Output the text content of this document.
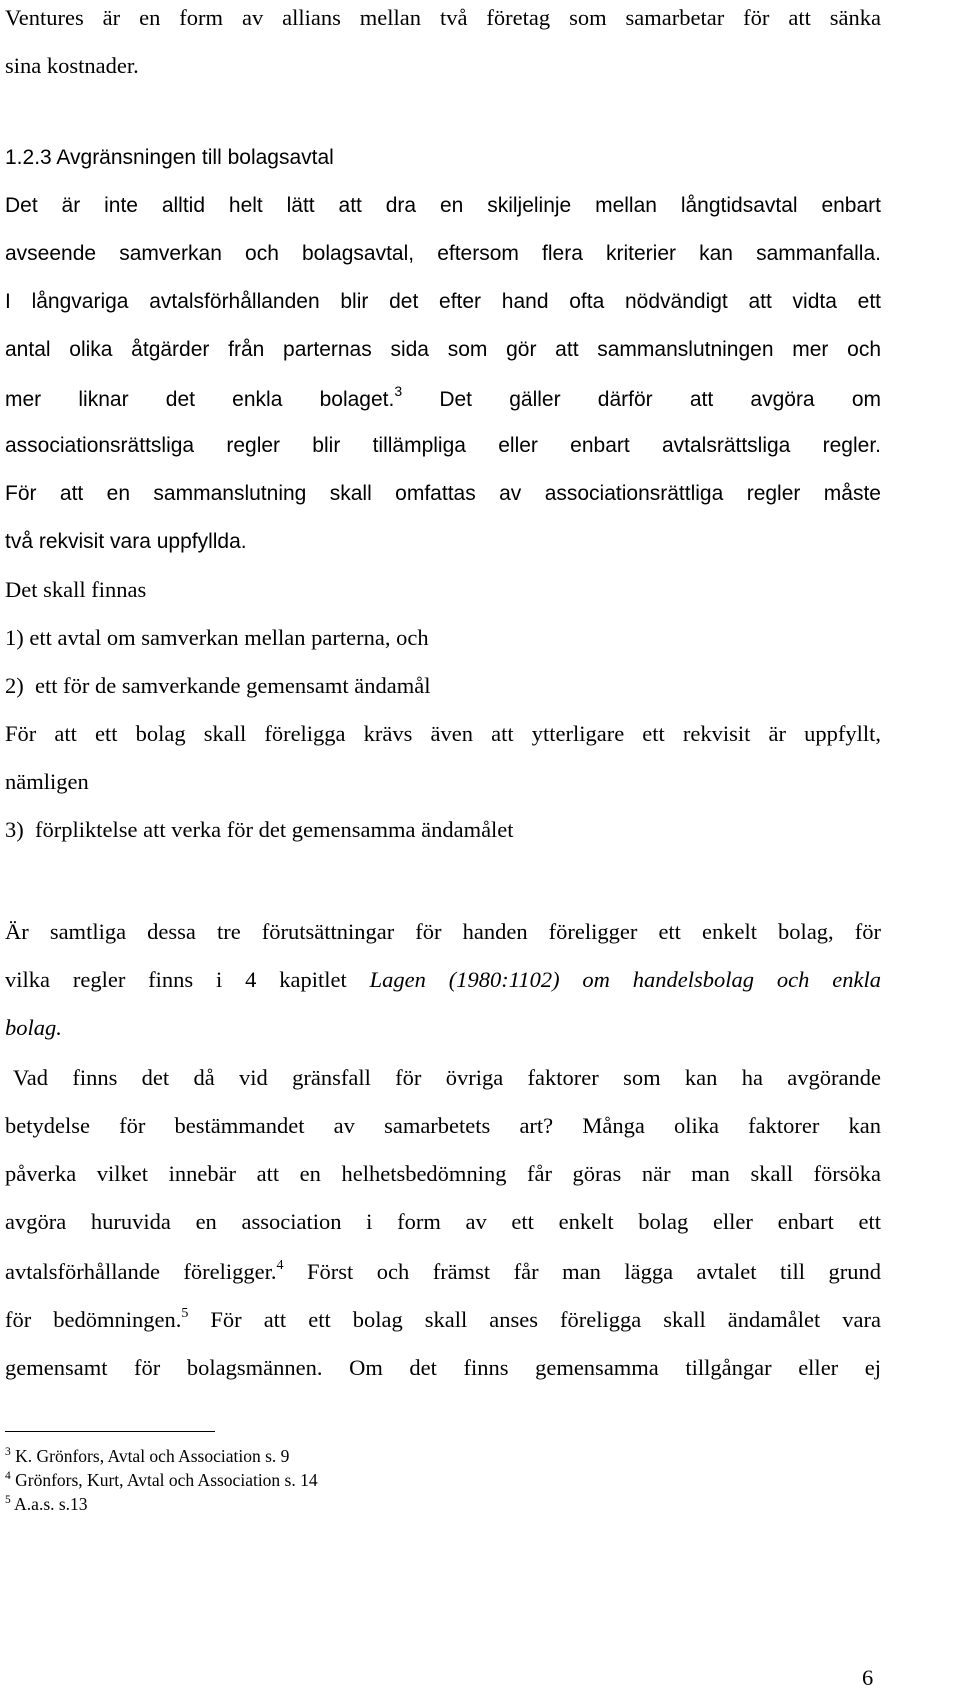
Ventures är en form av allians mellan två företag som samarbetar för att sänka
sina kostnader.
1.2.3 Avgränsningen till bolagsavtal
Det är inte alltid helt lätt att dra en skiljelinje mellan långtidsavtal enbart
avseende samverkan och bolagsavtal, eftersom flera kriterier kan sammanfalla.
I långvariga avtalsförhållanden blir det efter hand ofta nödvändigt att vidta ett
antal olika åtgärder från parternas sida som gör att sammanslutningen mer och
mer liknar det enkla bolaget.$^3$ Det gäller därför att avgöra om
associationsrättsliga regler blir tillämpliga eller enbart avtalsrättsliga regler.
För att en sammanslutning skall omfattas av associationsrättliga regler måste
två rekvisit vara uppfyllda.
Det skall finnas
1) ett avtal om samverkan mellan parterna, och
2)  ett för de samverkande gemensamt ändamål
För att ett bolag skall föreligga krävs även att ytterligare ett rekvisit är uppfyllt,
nämligen
3)  förpliktelse att verka för det gemensamma ändamålet
Är samtliga dessa tre förutsättningar för handen föreligger ett enkelt bolag, för
vilka regler finns i 4 kapitlet Lagen (1980:1102) om handelsbolag och enkla
bolag.
Vad finns det då vid gränsfall för övriga faktorer som kan ha avgörande
betydelse för bestämmandet av samarbetets art? Många olika faktorer kan
påverka vilket innebär att en helhetsbedömning får göras när man skall försöka
avgöra huruvida en association i form av ett enkelt bolag eller enbart ett
avtalsförhållande föreligger.$^4$ Först och främst får man lägga avtalet till grund
för bedömningen.$^5$ För att ett bolag skall anses föreligga skall ändamålet vara
gemensamt för bolagsmännen. Om det finns gemensamma tillgångar eller ej
$^3$ K. Grönfors, Avtal och Association s. 9
$^4$ Grönfors, Kurt, Avtal och Association s. 14
$^5$ A.a.s. s.13
6
